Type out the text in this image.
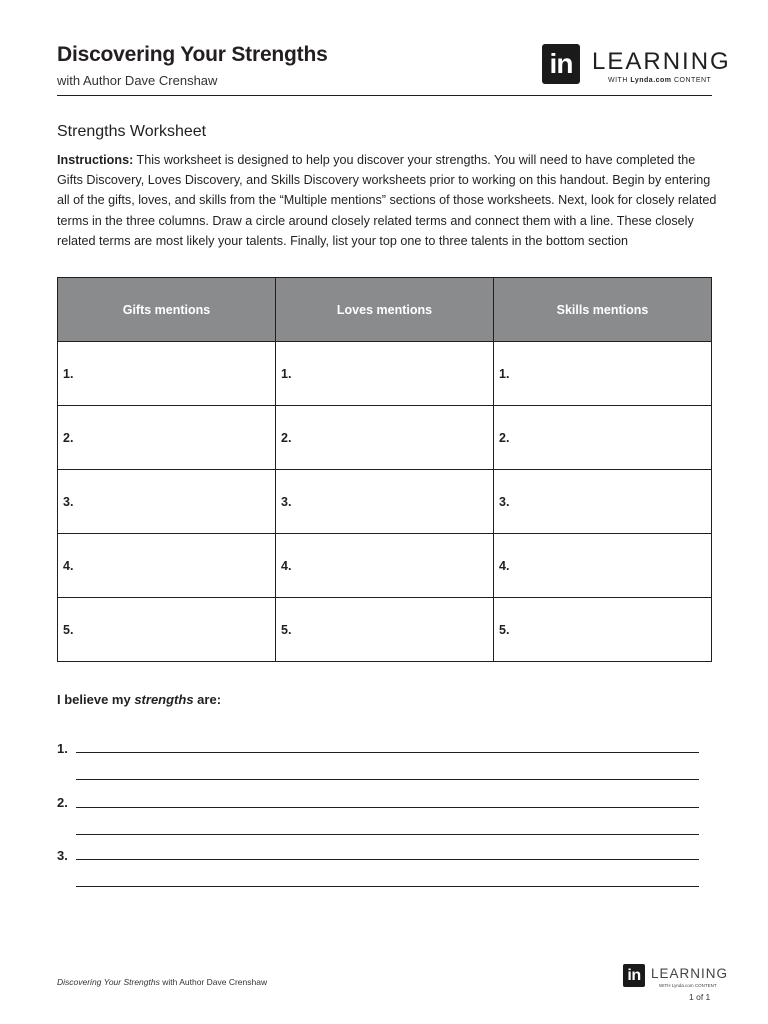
Discovering Your Strengths
with Author Dave Crenshaw
in LEARNING
WITH Lynda.com CONTENT
Strengths Worksheet
Instructions: This worksheet is designed to help you discover your strengths. You will need to have completed the Gifts Discovery, Loves Discovery, and Skills Discovery worksheets prior to working on this handout. Begin by entering all of the gifts, loves, and skills from the “Multiple mentions” sections of those worksheets. Next, look for closely related terms in the three columns. Draw a circle around closely related terms and connect them with a line. These closely related terms are most likely your talents. Finally, list your top one to three talents in the bottom section
Gifts mentions	Loves mentions	Skills mentions
1.	1.	1.
2.	2.	2.
3.	3.	3.
4.	4.	4.
5.	5.	5.
I believe my strengths are:
1.
2.
3.
Discovering Your Strengths with Author Dave Crenshaw	in LEARNING
WITH Lynda.com CONTENT
1 of 1
